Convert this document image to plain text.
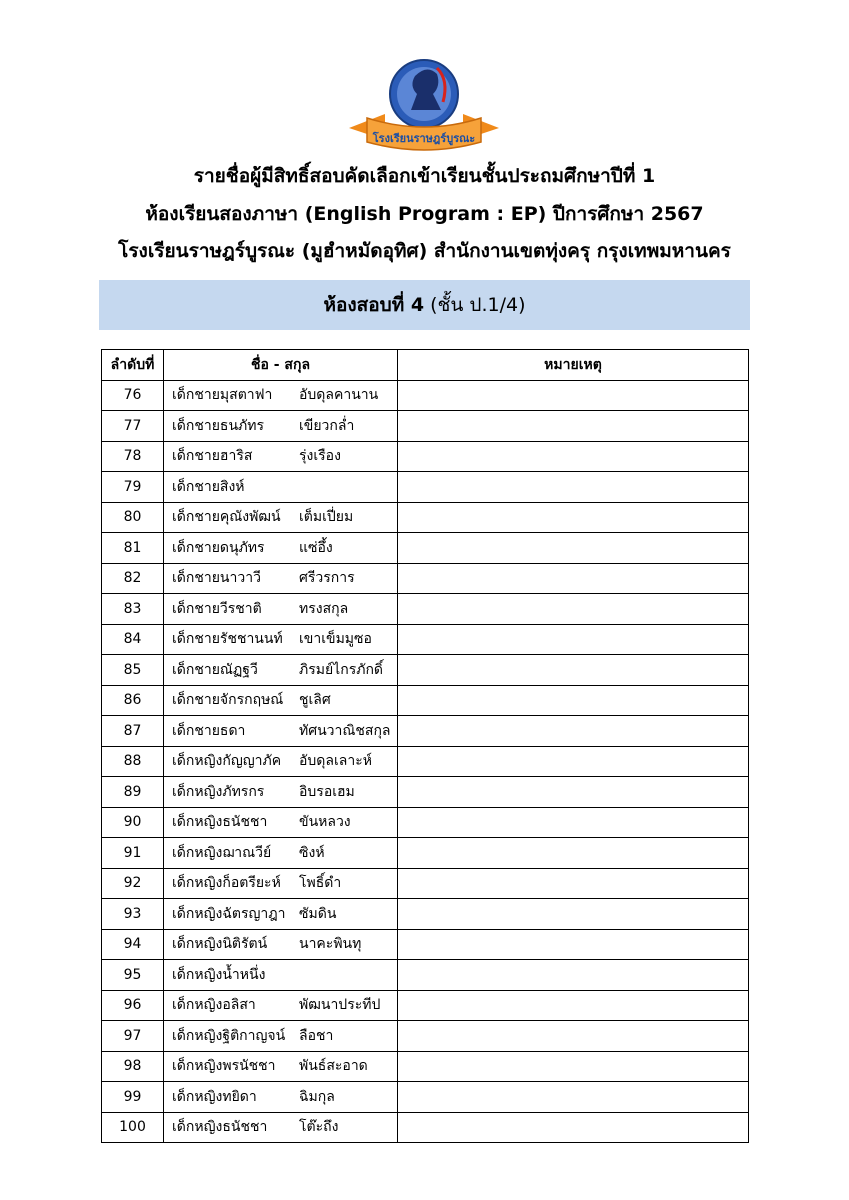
โรงเรียนราษฎร์บูรณะ
รายชื่อผู้มีสิทธิ์สอบคัดเลือกเข้าเรียนชั้นประถมศึกษาปีที่ 1
ห้องเรียนสองภาษา (English Program : EP) ปีการศึกษา 2567
โรงเรียนราษฎร์บูรณะ (มูฮำหมัดอุทิศ) สำนักงานเขตทุ่งครุ กรุงเทพมหานคร
ห้องสอบที่ 4 (ชั้น ป.1/4)
ลำดับที่	ชื่อ - สกุล	หมายเหตุ
76	เด็กชายมุสตาฟา อับดุลคานาน	
77	เด็กชายธนภัทร เขียวกล่ำ	
78	เด็กชายฮาริส รุ่งเรือง	
79	เด็กชายสิงห์	
80	เด็กชายคุณังพัฒน์ เต็มเปี่ยม	
81	เด็กชายดนุภัทร แซ่อึ้ง	
82	เด็กชายนาวาวี ศรีวรการ	
83	เด็กชายวีรชาติ ทรงสกุล	
84	เด็กชายรัชชานนท์ เขาเข็มมูซอ	
85	เด็กชายณัฏฐวี ภิรมย์ไกรภักดิ์	
86	เด็กชายจักรกฤษณ์ ชูเลิศ	
87	เด็กชายธดา ทัศนวาณิชสกุล	
88	เด็กหญิงกัญญาภัค อับดุลเลาะห์	
89	เด็กหญิงภัทรกร อิบรอเฮม	
90	เด็กหญิงธนัชชา ขันหลวง	
91	เด็กหญิงฌาณวีย์ ซิงห์	
92	เด็กหญิงก็อตรียะห์ โพธิ์ดำ	
93	เด็กหญิงฉัตรญาฎา ซัมดิน	
94	เด็กหญิงนิติรัตน์ นาคะพินทุ	
95	เด็กหญิงน้ำหนึ่ง	
96	เด็กหญิงอลิสา พัฒนาประทีป	
97	เด็กหญิงฐิติกาญจน์ ลือชา	
98	เด็กหญิงพรนัชชา พันธ์สะอาด	
99	เด็กหญิงทยิดา ฉิมกุล	
100	เด็กหญิงธนัชชา โต๊ะถึง	
